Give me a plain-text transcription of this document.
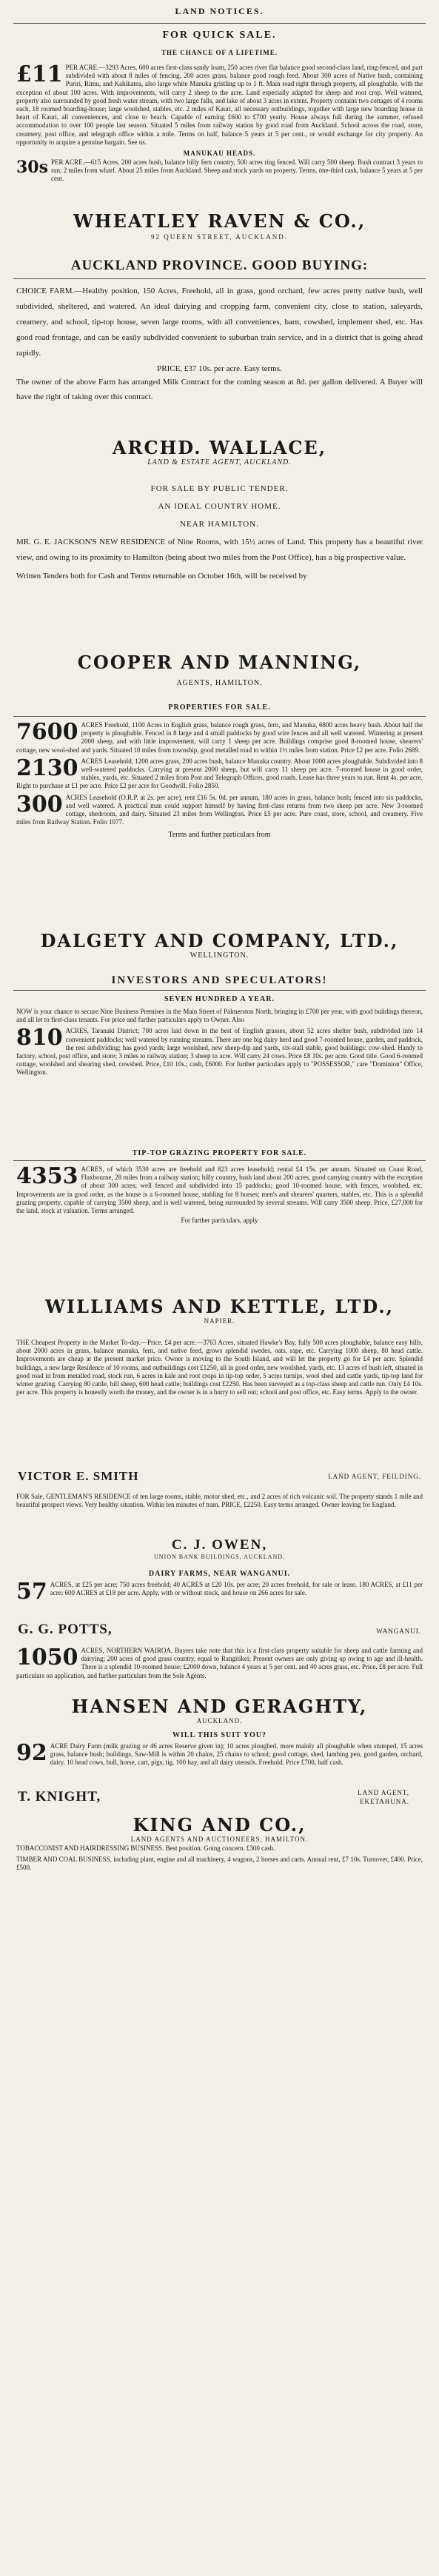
LAND NOTICES.
FOR QUICK SALE.
THE CHANCE OF A LIFETIME.
£11 PER ACRE.—3293 Acres, 600 acres first-class sandy loam, 250 acres river flat balance good second-class land, ring-fenced, and part subdivided with about 8 miles of fencing, 200 acres grass, balance good rough feed. About 300 acres of Native bush, containing Puriri, Rimu, and Kahikatea, also large white Manuka gristling up to 1 ft. Main road right through property, all ploughable, with the exception of about 100 acres. With improvements, will carry 2 sheep to the acre. Land especially adapted for sheep and root crop. Well watered, property also surrounded by good fresh water stream, with two large falls, and lake of about 3 acres in extent. Property contains two cottages of 4 rooms each, 18 roomed boarding-house; large woolshed, stables, etc. 2 miles of Kauri, all necessary outbuildings, together with large new boarding house in heart of Kauri, all conveniences, and close to beach. Capable of earning £600 to £700 yearly. House always full during the summer, refused accommodation to over 100 people last season. Situated 5 miles from railway station by good road from Auckland. School across the road, store, creamery, post office, and telegraph office within a mile. Terms on half, balance 5 years at 5 per cent., or would exchange for city property. An opportunity to acquire a genuine bargain. See us.
MANUKAU HEADS.
30s PER ACRE.—615 Acres, 200 acres bush, balance hilly fern country, 500 acres ring fenced. Will carry 500 sheep. Bush contract 3 years to run; 2 miles from wharf. About 25 miles from Auckland. Sheep and stock yards on property. Terms, one-third cash, balance 5 years at 5 per cent.
WHEATLEY RAVEN & CO.,
92 QUEEN STREET, AUCKLAND.
AUCKLAND PROVINCE. GOOD BUYING:
CHOICE FARM.—Healthy position, 150 Acres, Freehold, all in grass, good orchard, few acres pretty native bush, well subdivided, sheltered, and watered. An ideal dairying and cropping farm, convenient city, close to station, saleyards, creamery, and school, tip-top house, seven large rooms, with all conveniences, barn, cowshed, implement shed, etc. Has good road frontage, and can be easily subdivided convenient to suburban train service, and in a district that is going ahead rapidly.
PRICE, £37 10s. per acre. Easy terms.
The owner of the above Farm has arranged Milk Contract for the coming season at 8d. per gallon delivered. A Buyer will have the right of taking over this contract.
ARCHD. WALLACE,
LAND & ESTATE AGENT, AUCKLAND.
FOR SALE BY PUBLIC TENDER.
AN IDEAL COUNTRY HOME.
NEAR HAMILTON.
MR. G. E. JACKSON'S NEW RESIDENCE of Nine Rooms, with 15½ acres of Land. This property has a beautiful river view, and owing to its proximity to Hamilton (being about two miles from the Post Office), has a big prospective value.
Written Tenders both for Cash and Terms returnable on October 16th, will be received by
COOPER AND MANNING,
AGENTS, HAMILTON.
PROPERTIES FOR SALE.
7600 ACRES Freehold, 1100 Acres in English grass, balance rough grass, fern, and Manuka, 6800 acres heavy bush. About half the property is ploughable. Fenced in 8 large and 4 small paddocks by good wire fences and all well watered. Wintering at present 2000 sheep, and with little improvement, will carry 1 sheep per acre. Buildings comprise good 8-roomed house, shearers' cottage, new wool-shed and yards. Situated 10 miles from township, good metalled road to within 1½ miles from station. Price £2 per acre. Folio 2689.
2130 ACRES Leasehold, 1200 acres grass, 200 acres bush, balance Manuka country. About 1000 acres ploughable. Subdivided into 8 well-watered paddocks. Carrying at present 2000 sheep, but will carry 11 sheep per acre. 7-roomed house in good order, stables, yards, etc. Situated 2 miles from Post and Telegraph Offices, good roads. Lease has three years to run. Rent 4s. per acre. Right to purchase at £1 per acre. Price £2 per acre for Goodwill. Folio 2850.
300 ACRES Leasehold (O.R.P. at 2s. per acre), rent £16 5s. 0d. per annum, 180 acres in grass, balance bush; fenced into six paddocks, and well watered. A practical man could support himself by having first-class returns from two sheep per acre. New 3-roomed cottage, shedroom, and dairy. Situated 23 miles from Wellington. Price £5 per acre. Pure coast, store, school, and creamery. Five miles from Railway Station. Folio 1077.
Terms and further particulars from
DALGETY AND COMPANY, LTD.,
WELLINGTON.
INVESTORS AND SPECULATORS!
SEVEN HUNDRED A YEAR.
NOW is your chance to secure Nine Business Premises in the Main Street of Palmerston North, bringing in £700 per year, with good buildings thereon, and all let to first-class tenants. For price and further particulars apply to Owner. Also
810 ACRES, Taranaki District; 700 acres laid down in the best of English grasses, about 52 acres shelter bush, subdivided into 14 convenient paddocks; well watered by running streams. There are one big dairy herd and good 7-roomed house, garden, and paddock, the rest subdividing; has good yards; large woolshed, new sheep-dip and yards, six-stall stable, good buildings: cow-shed. Handy to factory, school, post office, and store; 3 miles to railway station; 3 sheep to acre. Will carry 24 cows. Price £8 10s. per acre. Good title. Good 6-roomed cottage, woolshed and shearing shed, cowshed. Price, £10 10s.; cash, £6000. For further particulars apply to "POSSESSOR," care "Dominion" Office, Wellington.
TIP-TOP GRAZING PROPERTY FOR SALE.
4353 ACRES, of which 3530 acres are freehold and 823 acres leasehold; rental £4 15s. per annum. Situated on Coast Road, Flaxbourne, 28 miles from a railway station; hilly country, bush land about 200 acres, good carrying country with the exception of about 300 acres; well fenced and subdivided into 15 paddocks; good 10-roomed house, with fences, woolshed, etc. Improvements are in good order, as the house is a 6-roomed house, stabling for 8 horses; men's and shearers' quarters, stables, etc. This is a splendid grazing property, capable of carrying 3500 sheep, and is well watered, being surrounded by several streams. Will carry 3500 sheep. Price, £27,000 for the land, stock at valuation. Terms arranged.
For further particulars, apply
WILLIAMS AND KETTLE, LTD.,
NAPIER.
THE Cheapest Property in the Market To-day.—Price, £4 per acre.—3763 Acres, situated Hawke's Bay, fully 500 acres ploughable, balance easy hills, about 2000 acres in grass, balance manuka, fern, and native feed, grows splendid swedes, oats, rape, etc. Carrying 1000 sheep, 80 head cattle. Improvements are cheap at the present market price. Owner is moving to the South Island, and will let the property go for £4 per acre. Splendid buildings, a new large Residence of 10 rooms, and outbuildings cost £1250, all in good order, new woolshed, yards, etc. 13 acres of bush left, situated in good road in from metalled road, stock run, 6 acres in kale and root crops in tip-top order, 5 acres turnips, wool shed and cattle yards, tip-top land for winter grazing. Carrying 80 cattle, hill sheep, 600 head cattle; buildings cost £2250. Has been surveyed as a top-class sheep and cattle run. Only £4 10s. per acre. This property is honestly worth the money, and the owner is in a hurry to sell out; school and post office, etc. Easy terms. Apply to the owner.
VICTOR E. SMITH	LAND AGENT, FEILDING.
FOR Sale, GENTLEMAN'S RESIDENCE of ten large rooms, stable, motor shed, etc., and 2 acres of rich volcanic soil. The property stands 1 mile and beautiful prospect views. Very healthy situation. Within ten minutes of tram. PRICE, £2250. Easy terms arranged. Owner leaving for England.
C. J. OWEN,
UNION BANK BUILDINGS, AUCKLAND.
DAIRY FARMS, NEAR WANGANUI.
57 ACRES, at £25 per acre; 750 acres freehold; 40 ACRES at £20 10s. per acre; 20 acres freehold, for sale or lease. 180 ACRES, at £11 per acre; 600 ACRES at £18 per acre. Apply, with or without stock, and house on 266 acres for sale.
G. G. POTTS,	WANGANUI.
1050 ACRES, NORTHERN WAIROA. Buyers take note that this is a first-class property suitable for sheep and cattle farming and dairying; 200 acres of good grass country, equal to Rangitikei; Present owners are only giving up owing to age and ill-health. There is a splendid 10-roomed house; £2000 down, balance 4 years at 5 per cent. and 40 acres grass, etc. Price, £8 per acre. Full particulars on application, and further particulars from the Sole Agents.
HANSEN AND GERAGHTY,
AUCKLAND.
WILL THIS SUIT YOU?
92 ACRE Dairy Farm (milk grazing or 46 acres Reserve given in); 10 acres ploughed, more mainly all ploughable when stumped, 15 acres grass, balance bush; buildings, Saw-Mill is within 20 chains, 25 chains to school; good cottage, shed, lambing pen, good garden, orchard, dairy. 10 head cows, bull, horse, cart, pigs, tig. 100 hay, and all dairy utensils. Freehold. Price £700, half cash.
T. KNIGHT,	LAND AGENT,
EKETAHUNA.
KING AND CO.,
LAND AGENTS AND AUCTIONEERS, HAMILTON.
TOBACCONIST AND HAIRDRESSING BUSINESS. Best position. Going concern. £300 cash.
TIMBER AND COAL BUSINESS, including plant, engine and all machinery, 4 wagons, 2 horses and carts. Annual rent, £7 10s. Turnover, £400. Price, £500.
